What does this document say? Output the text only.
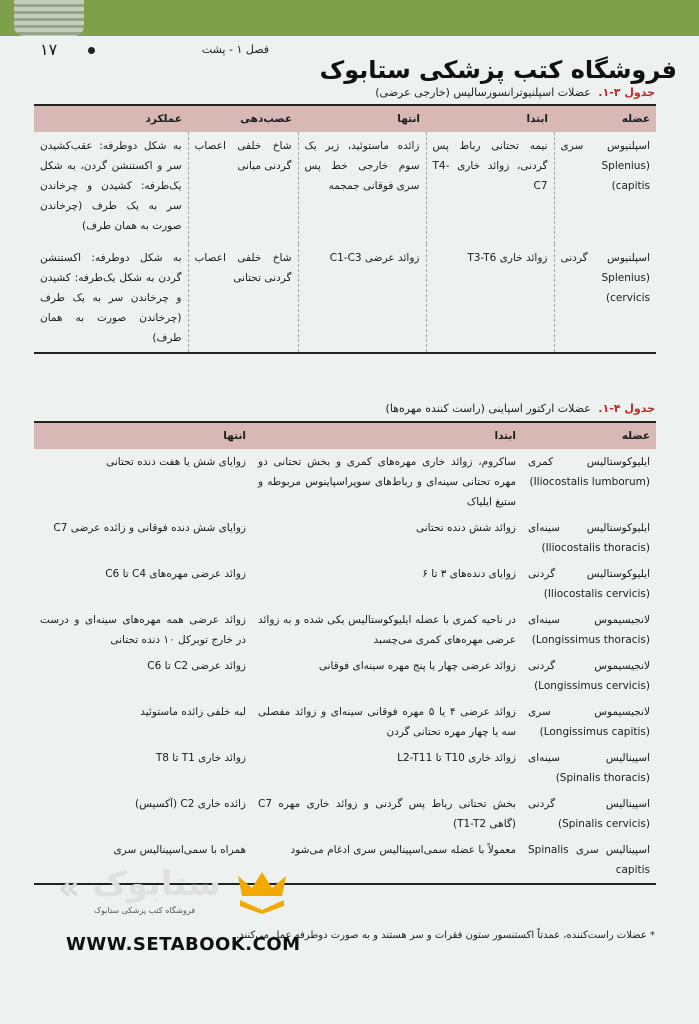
۱۷	فصل ۱ - پشت
فروشگاه کتب پزشکی ستابوک
جدول ۳-۱. عضلات اسپلنیوترانسورسالیس (خارجی عرضی)
عضله	ابتدا	انتها	عصب‌دهی	عملکرد
اسپلنیوس سری (Splenius capitis)	نیمه تحتانی رباط پس گردنی، زوائد خاری T4-C7	زائده ماستوئید، زیر یک سوم خارجی خط پس سری فوقانی جمجمه	شاخ خلفی اعصاب گردنی میانی	به شکل دوطرفه: عقب‌کشیدن سر و اکستنشن گردن، به شکل یک‌طرفه: کشیدن و چرخاندن سر به یک طرف (چرخاندن صورت به همان طرف)
اسپلنیوس گردنی (Splenius cervicis)	زوائد خاری T3-T6	زوائد عرضی C1-C3	شاخ خلفی اعصاب گردنی تحتانی	به شکل دوطرفه: اکستنشن گردن به شکل یک‌طرفه: کشیدن و چرخاندن سر به یک طرف (چرخاندن صورت به همان طرف)
جدول ۴-۱. عضلات ارکتور اسپاینی (راست کننده مهره‌ها)
عضله	ابتدا	انتها
ایلیوکوستالیس کمری (Iliocostalis lumborum)	ساکروم، زوائد خاری مهره‌های کمری و بخش تحتانی دو مهره تحتانی سینه‌ای و رباط‌های سوپراسپاینوس مربوطه و ستیغ ایلیاک	زوایای شش یا هفت دنده تحتانی
ایلیوکوستالیس سینه‌ای (Iliocostalis thoracis)	زوائد شش دنده تحتانی	زوایای شش دنده فوقانی و زائده عرضی C7
ایلیوکوستالیس گردنی (Iliocostalis cervicis)	زوایای دنده‌های ۳ تا ۶	زوائد عرضی مهره‌های C4 تا C6
لانجیسیموس سینه‌ای (Longissimus thoracis)	در ناحیه کمری با عضله ایلیوکوستالیس یکی شده و به زوائد عرضی مهره‌های کمری می‌چسبد	زوائد عرضی همه مهره‌های سینه‌ای و درست در خارج توبرکل ۱۰ دنده تحتانی
لانجیسیموس گردنی (Longissimus cervicis)	زوائد عرضی چهار یا پنج مهره سینه‌ای فوقانی	زوائد عرضی C2 تا C6
لانجیسیموس سری (Longissimus capitis)	زوائد عرضی ۴ یا ۵ مهره فوقانی سینه‌ای و زوائد مفصلی سه یا چهار مهره تحتانی گردن	لبه خلفی زائده ماستوئید
اسپینالیس سینه‌ای (Spinalis thoracis)	زوائد خاری T10 تا L2-T11	زوائد خاری T1 تا T8
اسپینالیس گردنی (Spinalis cervicis)	بخش تحتانی رباط پس گردنی و زوائد خاری مهره C7 (گاهی T1-T2)	زائده خاری C2 (آکسیس)
اسپینالیس سری Spinalis capitis	معمولاً با عضله سمی‌اسپینالیس سری ادغام می‌شود	همراه با سمی‌اسپینالیس سری
* عضلات راست‌کننده، عمدتاً اکستنسور ستون فقرات و سر هستند و به صورت دوطرفه عمل می‌کنند.
« ستابوک
فروشگاه کتب پزشکی ستابوک
WWW.SETABOOK.COM
